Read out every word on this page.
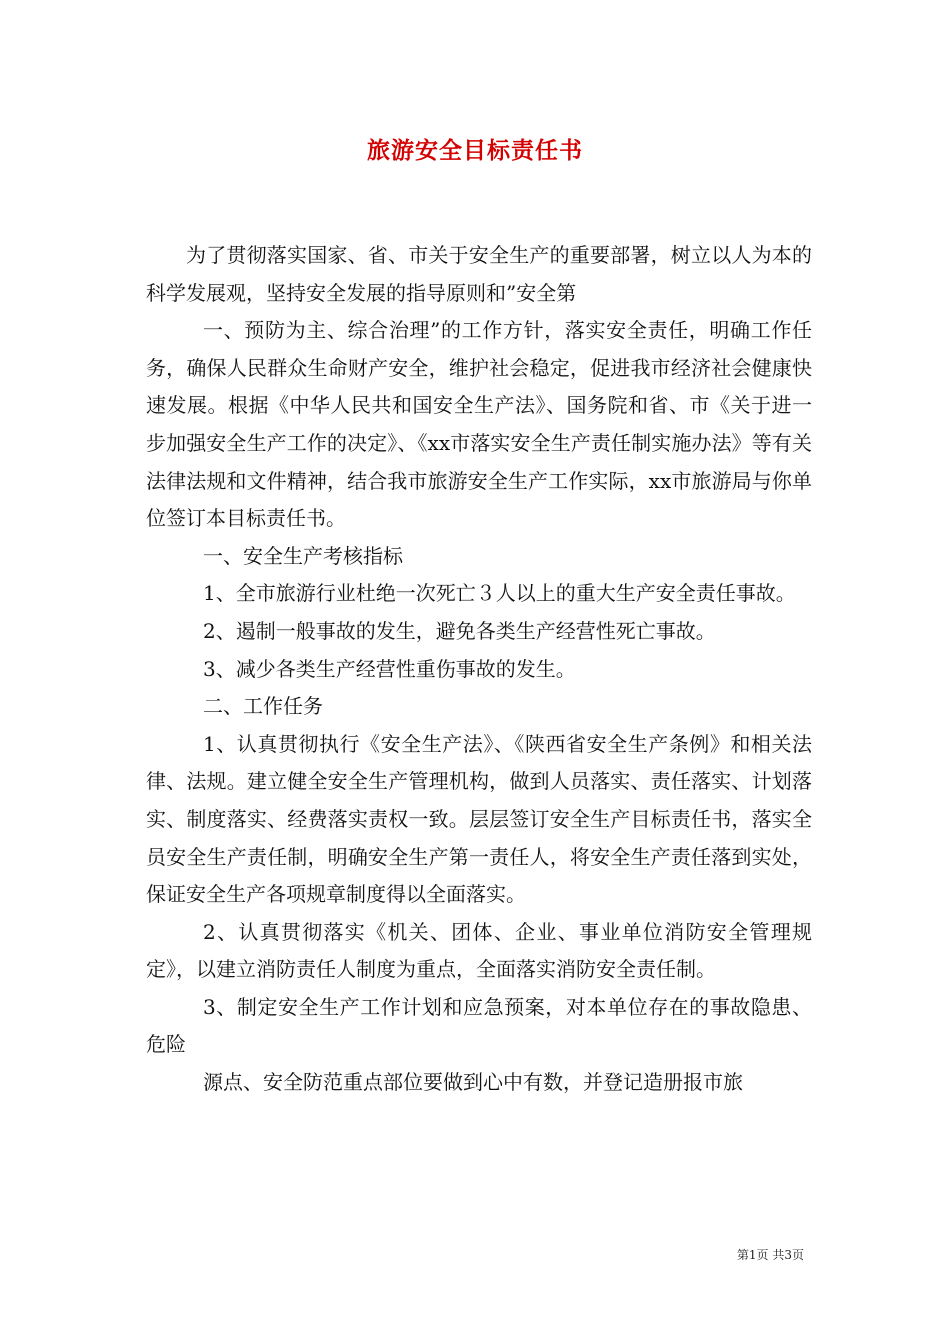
旅游安全目标责任书

为了贯彻落实国家、省、市关于安全生产的重要部署，树立以人为本的科学发展观，坚持安全发展的指导原则和”安全第

一、预防为主、综合治理”的工作方针，落实安全责任，明确工作任务，确保人民群众生命财产安全，维护社会稳定，促进我市经济社会健康快速发展。根据《中华人民共和国安全生产法》、国务院和省、市《关于进一步加强安全生产工作的决定》、《xx市落实安全生产责任制实施办法》等有关法律法规和文件精神，结合我市旅游安全生产工作实际，xx市旅游局与你单位签订本目标责任书。

一、安全生产考核指标

1、全市旅游行业杜绝一次死亡３人以上的重大生产安全责任事故。

2、遏制一般事故的发生，避免各类生产经营性死亡事故。

3、减少各类生产经营性重伤事故的发生。

二、工作任务

1、认真贯彻执行《安全生产法》、《陕西省安全生产条例》和相关法律、法规。建立健全安全生产管理机构，做到人员落实、责任落实、计划落实、制度落实、经费落实责权一致。层层签订安全生产目标责任书，落实全员安全生产责任制，明确安全生产第一责任人，将安全生产责任落到实处，保证安全生产各项规章制度得以全面落实。

2、认真贯彻落实《机关、团体、企业、事业单位消防安全管理规定》，以建立消防责任人制度为重点，全面落实消防安全责任制。

3、制定安全生产工作计划和应急预案，对本单位存在的事故隐患、危险

源点、安全防范重点部位要做到心中有数，并登记造册报市旅

第1页 共3页
